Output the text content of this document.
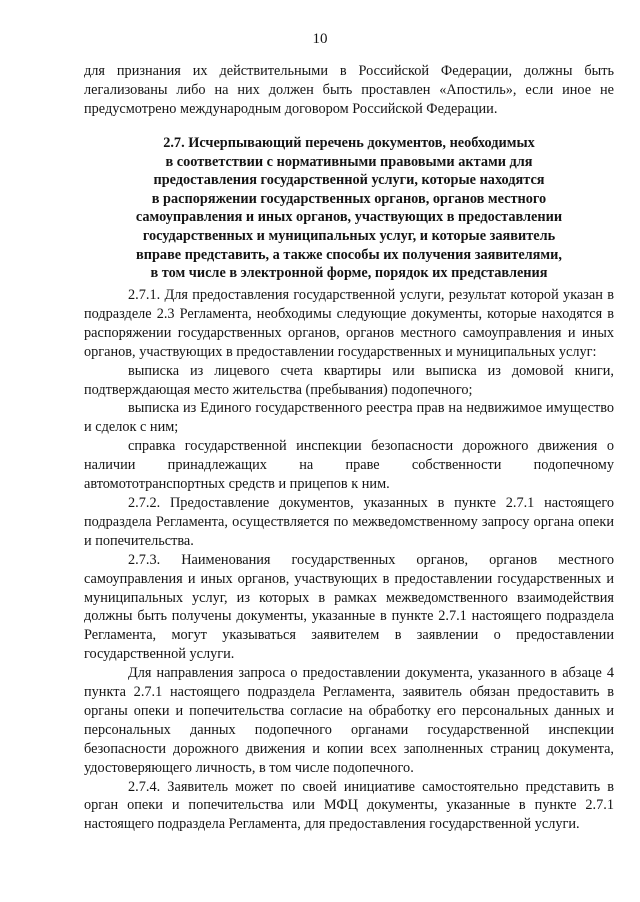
10

для признания их действительными в Российской Федерации, должны быть легализованы либо на них должен быть проставлен «Апостиль», если иное не предусмотрено международным договором Российской Федерации.

2.7. Исчерпывающий перечень документов, необходимых
в соответствии с нормативными правовыми актами для
предоставления государственной услуги, которые находятся
в распоряжении государственных органов, органов местного
самоуправления и иных органов, участвующих в предоставлении
государственных и муниципальных услуг, и которые заявитель
вправе представить, а также способы их получения заявителями,
в том числе в электронной форме, порядок их представления

2.7.1. Для предоставления государственной услуги, результат которой указан в подразделе 2.3 Регламента, необходимы следующие документы, которые находятся в распоряжении государственных органов, органов местного самоуправления и иных органов, участвующих в предоставлении государственных и муниципальных услуг:

выписка из лицевого счета квартиры или выписка из домовой книги, подтверждающая место жительства (пребывания) подопечного;

выписка из Единого государственного реестра прав на недвижимое имущество и сделок с ним;

справка государственной инспекции безопасности дорожного движения о наличии принадлежащих на праве собственности подопечному автомототранспортных средств и прицепов к ним.

2.7.2. Предоставление документов, указанных в пункте 2.7.1 настоящего подраздела Регламента, осуществляется по межведомственному запросу органа опеки и попечительства.

2.7.3. Наименования государственных органов, органов местного самоуправления и иных органов, участвующих в предоставлении государственных и муниципальных услуг, из которых в рамках межведомственного взаимодействия должны быть получены документы, указанные в пункте 2.7.1 настоящего подраздела Регламента, могут указываться заявителем в заявлении о предоставлении государственной услуги.

Для направления запроса о предоставлении документа, указанного в абзаце 4 пункта 2.7.1 настоящего подраздела Регламента, заявитель обязан предоставить в органы опеки и попечительства согласие на обработку его персональных данных и персональных данных подопечного органами государственной инспекции безопасности дорожного движения и копии всех заполненных страниц документа, удостоверяющего личность, в том числе подопечного.

2.7.4. Заявитель может по своей инициативе самостоятельно представить в орган опеки и попечительства или МФЦ документы, указанные в пункте 2.7.1 настоящего подраздела Регламента, для предоставления государственной услуги.
